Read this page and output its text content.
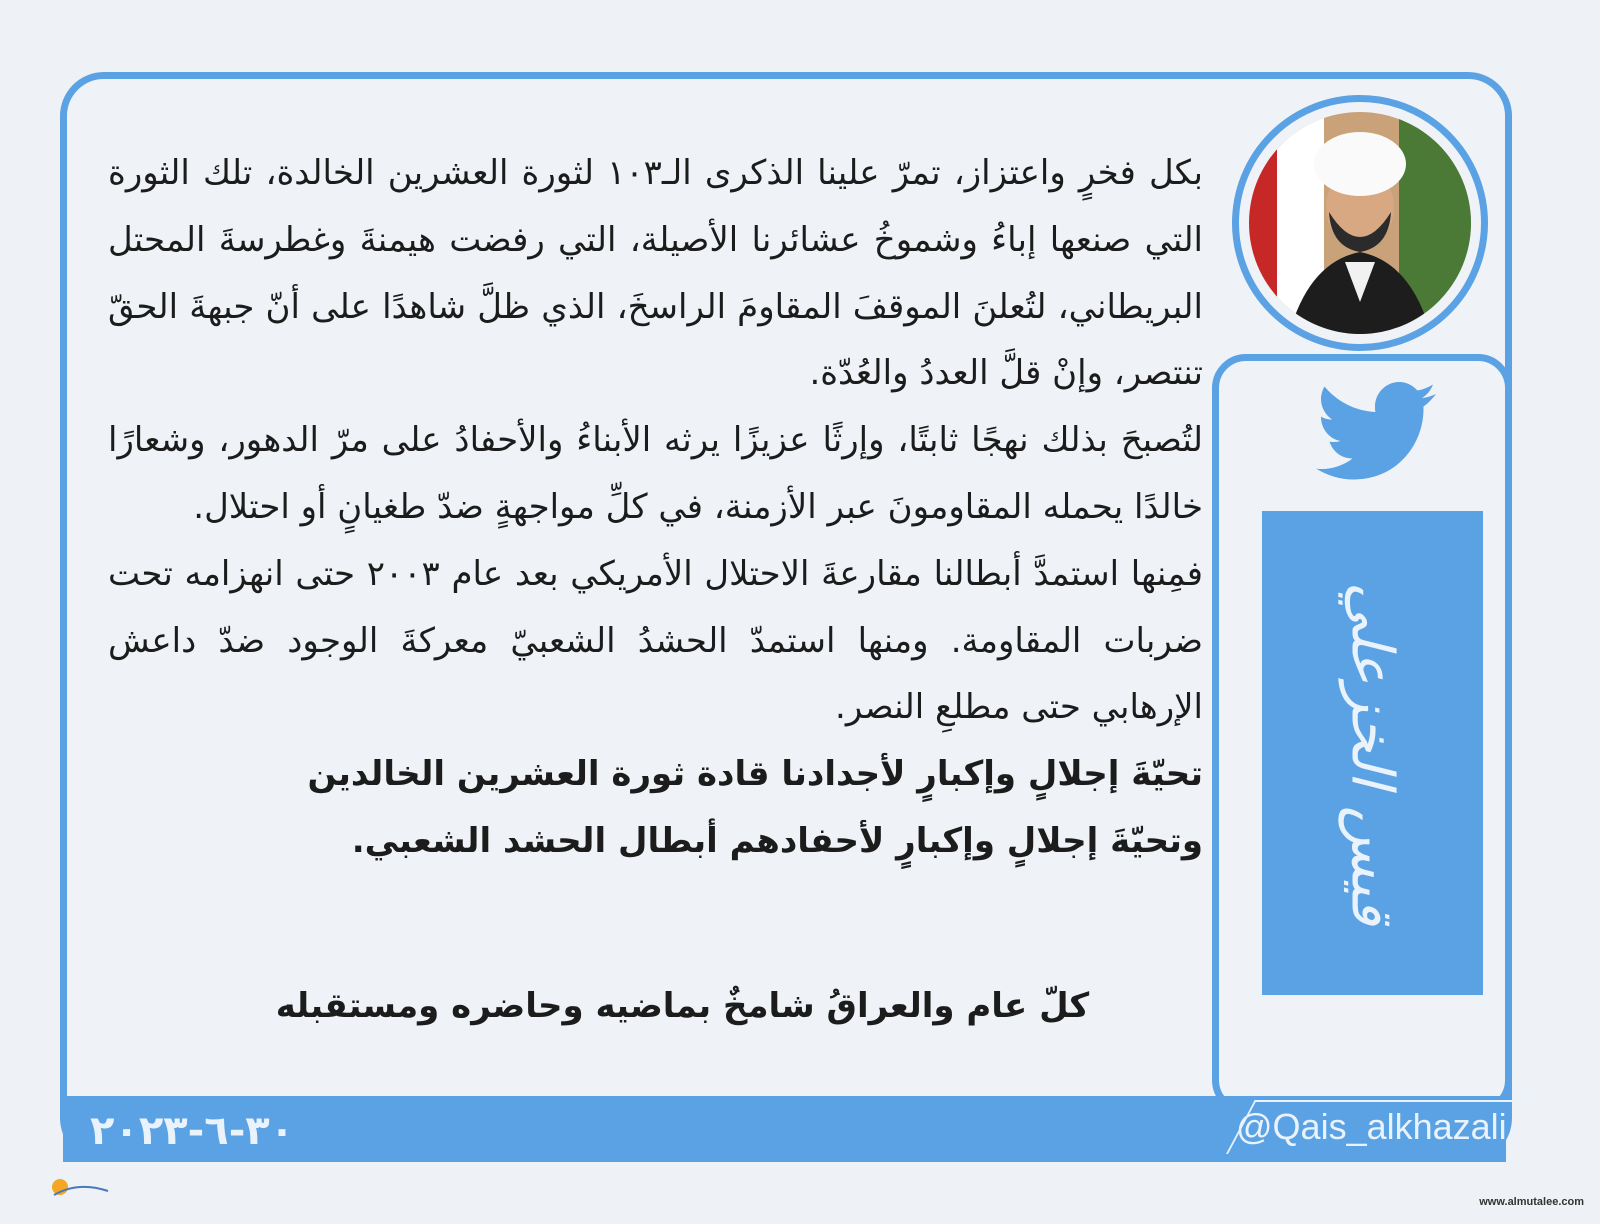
بكل فخرٍ واعتزاز، تمرّ علينا الذكرى الـ١٠٣ لثورة العشرين الخالدة، تلك الثورة التي صنعها إباءُ وشموخُ عشائرنا الأصيلة، التي رفضت هيمنةَ وغطرسةَ المحتل البريطاني، لتُعلنَ الموقفَ المقاومَ الراسخَ، الذي ظلَّ شاهدًا على أنّ جبهةَ الحقّ تنتصر، وإنْ قلَّ العددُ والعُدّة.

لتُصبحَ بذلك نهجًا ثابتًا، وإرثًا عزيزًا يرثه الأبناءُ والأحفادُ على مرّ الدهور، وشعارًا خالدًا يحمله المقاومونَ عبر الأزمنة، في كلِّ مواجهةٍ ضدّ طغيانٍ أو احتلال.

فمِنها استمدَّ أبطالنا مقارعةَ الاحتلال الأمريكي بعد عام ٢٠٠٣ حتى انهزامه تحت ضربات المقاومة. ومنها استمدّ الحشدُ الشعبيّ معركةَ الوجود ضدّ داعش الإرهابي حتى مطلعِ النصر.

تحيّةَ إجلالٍ وإكبارٍ لأجدادنا قادة ثورة العشرين الخالدين

وتحيّةَ إجلالٍ وإكبارٍ لأحفادهم أبطال الحشد الشعبي.

كلّ عام والعراقُ شامخٌ بماضيه وحاضره ومستقبله
قيس الخزعلي
٣٠-٦-٢٠٢٣	@Qais_alkhazali
www.almutalee.com
